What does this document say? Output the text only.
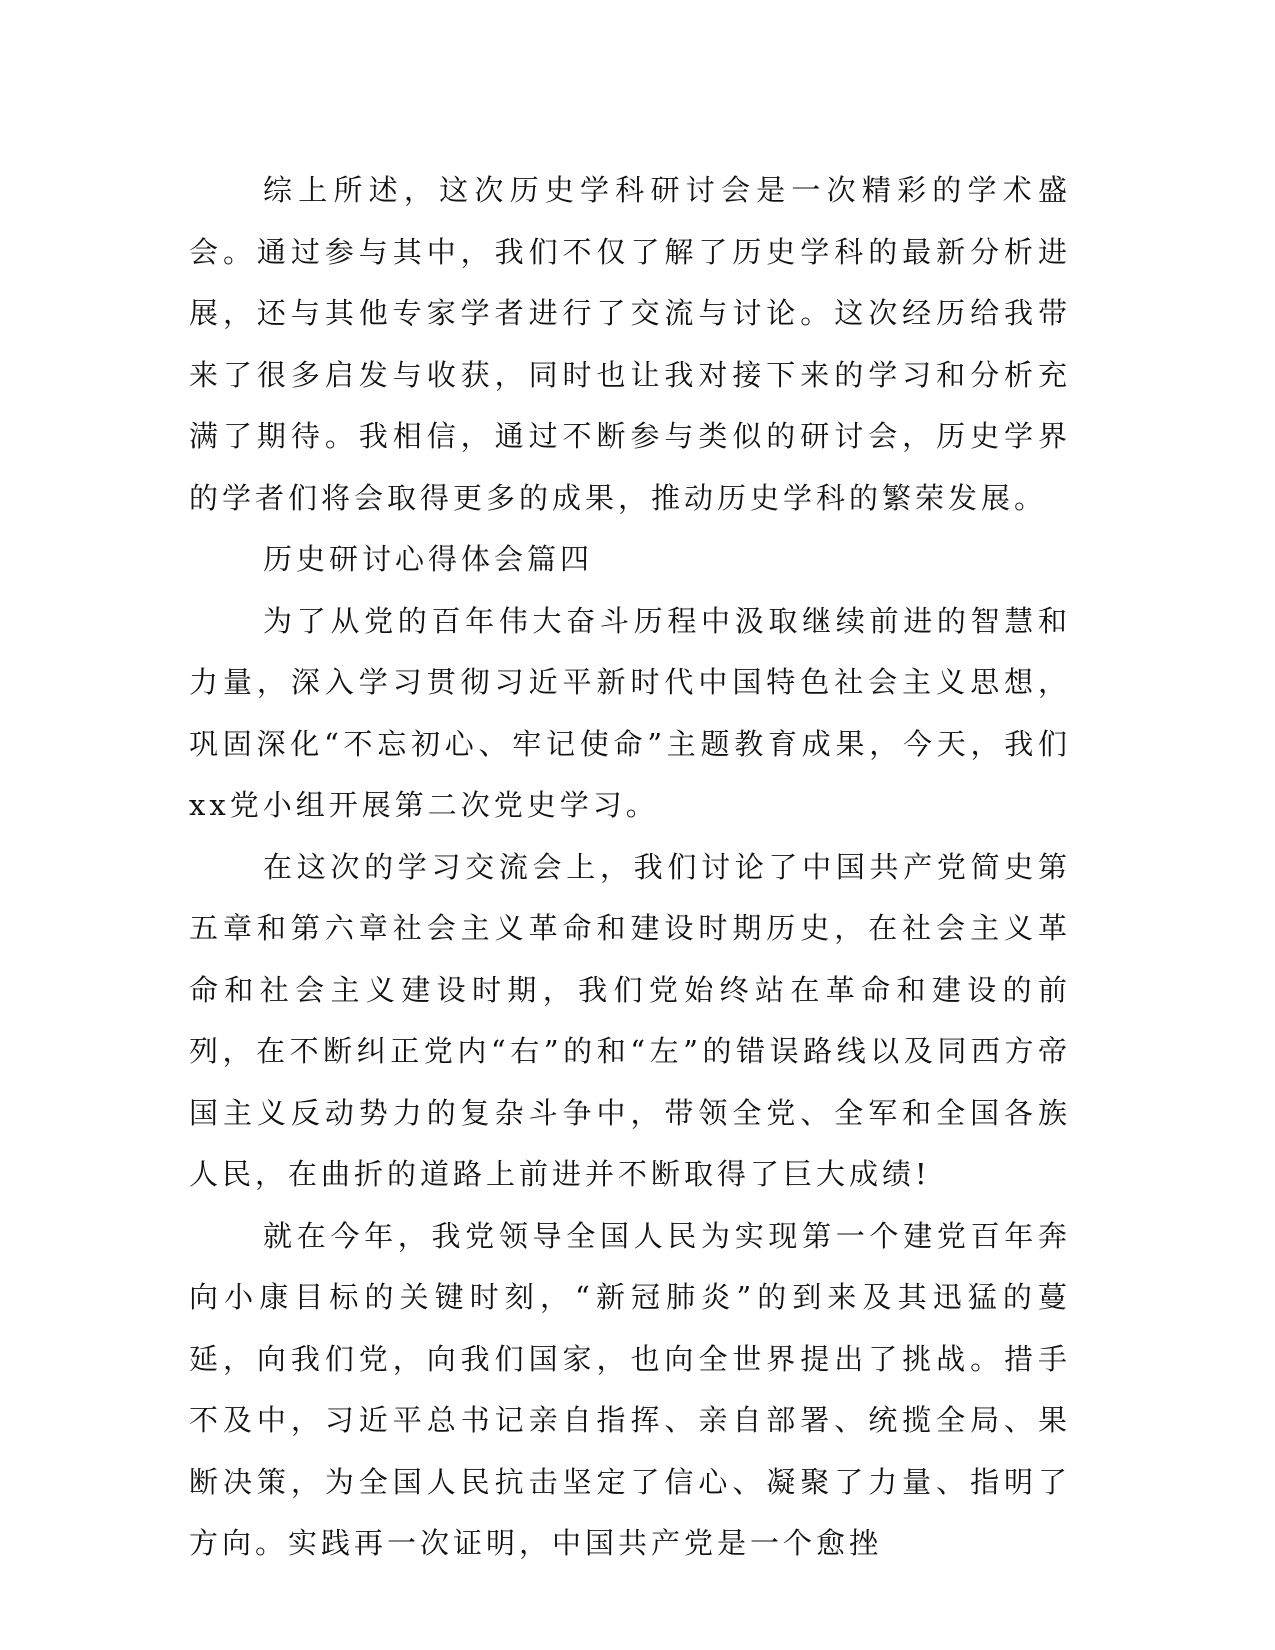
综上所述，这次历史学科研讨会是一次精彩的学术盛会。通过参与其中，我们不仅了解了历史学科的最新分析进展，还与其他专家学者进行了交流与讨论。这次经历给我带来了很多启发与收获，同时也让我对接下来的学习和分析充满了期待。我相信，通过不断参与类似的研讨会，历史学界的学者们将会取得更多的成果，推动历史学科的繁荣发展。

历史研讨心得体会篇四

为了从党的百年伟大奋斗历程中汲取继续前进的智慧和力量，深入学习贯彻习近平新时代中国特色社会主义思想，巩固深化“不忘初心、牢记使命”主题教育成果，今天，我们xx党小组开展第二次党史学习。

在这次的学习交流会上，我们讨论了中国共产党简史第五章和第六章社会主义革命和建设时期历史，在社会主义革命和社会主义建设时期，我们党始终站在革命和建设的前列，在不断纠正党内“右”的和“左”的错误路线以及同西方帝国主义反动势力的复杂斗争中，带领全党、全军和全国各族人民，在曲折的道路上前进并不断取得了巨大成绩!

就在今年，我党领导全国人民为实现第一个建党百年奔向小康目标的关键时刻，“新冠肺炎”的到来及其迅猛的蔓延，向我们党，向我们国家，也向全世界提出了挑战。措手不及中，习近平总书记亲自指挥、亲自部署、统揽全局、果断决策，为全国人民抗击坚定了信心、凝聚了力量、指明了方向。实践再一次证明，中国共产党是一个愈挫
